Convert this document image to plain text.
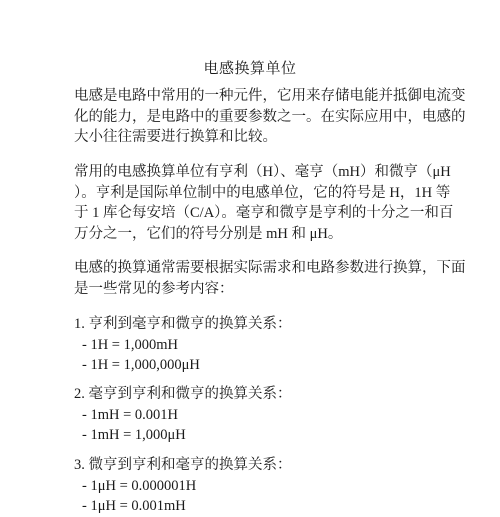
电感换算单位

电感是电路中常用的一种元件，它用来存储电能并抵御电流变
化的能力，是电路中的重要参数之一。在实际应用中，电感的
大小往往需要进行换算和比较。

常用的电感换算单位有亨利（H）、毫亨（mH）和微亨（μH
）。亨利是国际单位制中的电感单位，它的符号是 H，1H 等
于 1 库仑每安培（C/A）。毫亨和微亨是亨利的十分之一和百
万分之一，它们的符号分别是 mH 和 μH。

电感的换算通常需要根据实际需求和电路参数进行换算，下面
是一些常见的参考内容：

1. 亨利到毫亨和微亨的换算关系：
- 1H = 1,000mH
- 1H = 1,000,000μH
2. 毫亨到亨利和微亨的换算关系：
- 1mH = 0.001H
- 1mH = 1,000μH
3. 微亨到亨利和毫亨的换算关系：
- 1μH = 0.000001H
- 1μH = 0.001mH
